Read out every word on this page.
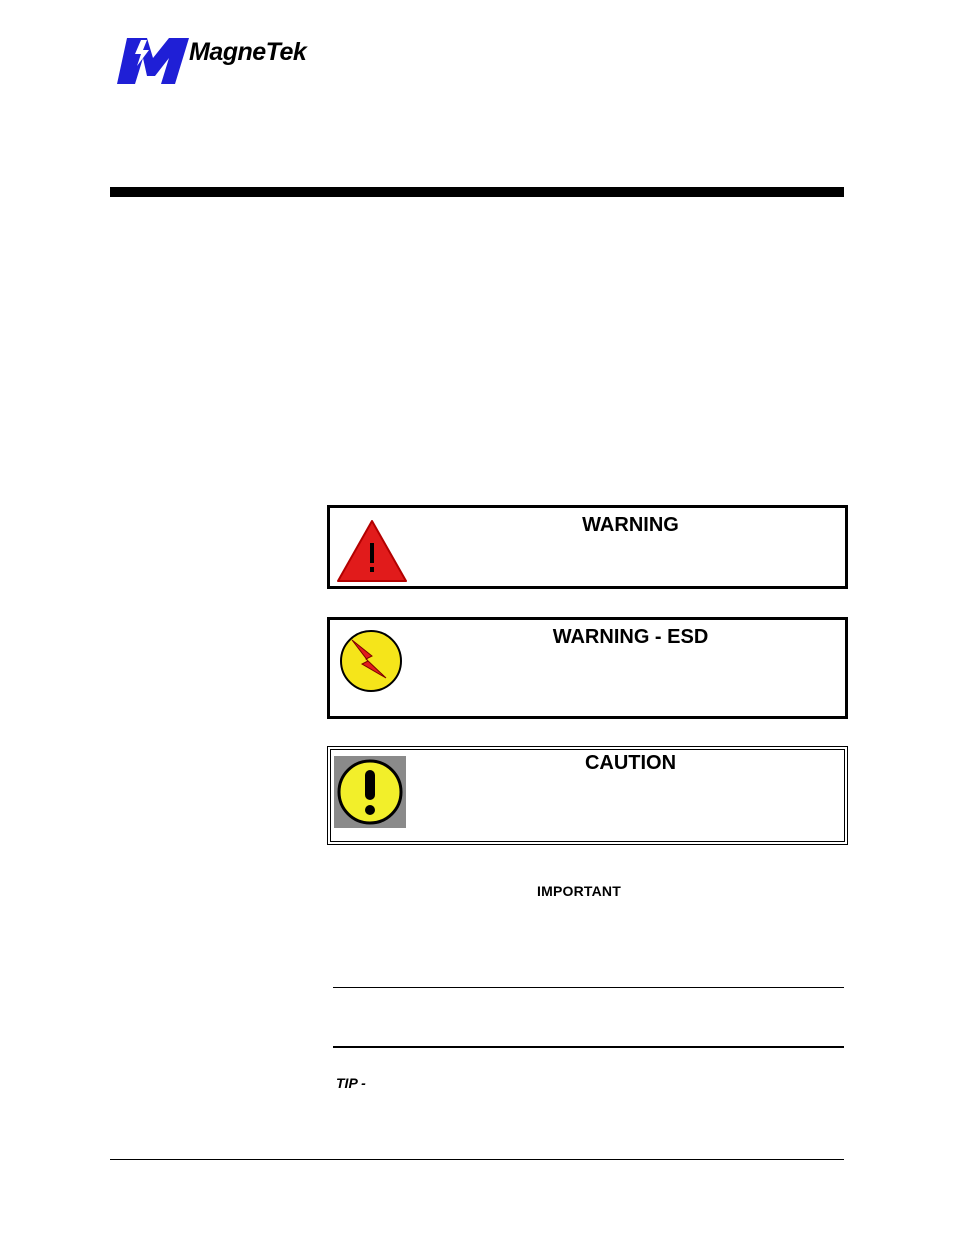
MagneTek
WARNING
WARNING - ESD
CAUTION
IMPORTANT
TIP -
